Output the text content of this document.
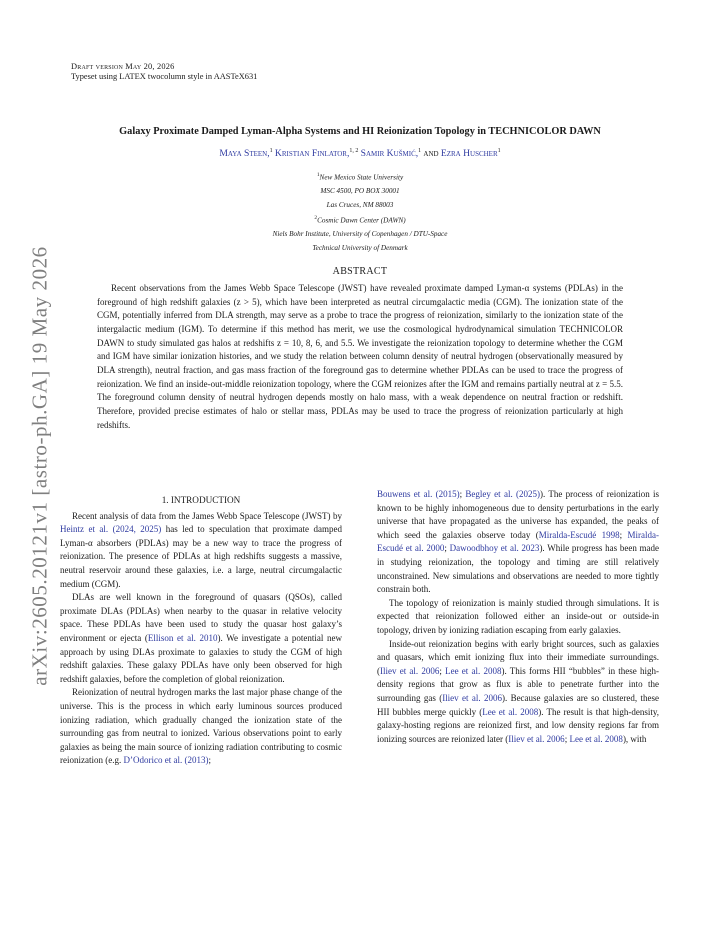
Draft version May 20, 2026
Typeset using LATEX twocolumn style in AASTeX631
arXiv:2605.20121v1 [astro-ph.GA] 19 May 2026
Galaxy Proximate Damped Lyman-Alpha Systems and HI Reionization Topology in TECHNICOLOR DAWN
Maya Steen,$^1$ Kristian Finlator,$^{1, 2}$ Samir Kušmić,$^1$ and Ezra Huscher$^1$
$^1$New Mexico State University
MSC 4500, PO BOX 30001
Las Cruces, NM 88003
$^2$Cosmic Dawn Center (DAWN)
Niels Bohr Institute, University of Copenhagen / DTU-Space
Technical University of Denmark
ABSTRACT
Recent observations from the James Webb Space Telescope (JWST) have revealed proximate damped Lyman-α systems (PDLAs) in the foreground of high redshift galaxies (z > 5), which have been interpreted as neutral circumgalactic media (CGM). The ionization state of the CGM, potentially inferred from DLA strength, may serve as a probe to trace the progress of reionization, similarly to the ionization state of the intergalactic medium (IGM). To determine if this method has merit, we use the cosmological hydrodynamical simulation TECHNICOLOR DAWN to study simulated gas halos at redshifts z = 10, 8, 6, and 5.5. We investigate the reionization topology to determine whether the CGM and IGM have similar ionization histories, and we study the relation between column density of neutral hydrogen (observationally measured by DLA strength), neutral fraction, and gas mass fraction of the foreground gas to determine whether PDLAs can be used to trace the progress of reionization. We find an inside-out-middle reionization topology, where the CGM reionizes after the IGM and remains partially neutral at z = 5.5. The foreground column density of neutral hydrogen depends mostly on halo mass, with a weak dependence on neutral fraction or redshift. Therefore, provided precise estimates of halo or stellar mass, PDLAs may be used to trace the progress of reionization particularly at high redshifts.
1. INTRODUCTION

Recent analysis of data from the James Webb Space Telescope (JWST) by Heintz et al. (2024, 2025) has led to speculation that proximate damped Lyman-α absorbers (PDLAs) may be a new way to trace the progress of reionization. The presence of PDLAs at high redshifts suggests a massive, neutral reservoir around these galaxies, i.e. a large, neutral circumgalactic medium (CGM).

DLAs are well known in the foreground of quasars (QSOs), called proximate DLAs (PDLAs) when nearby to the quasar in relative velocity space. These PDLAs have been used to study the quasar host galaxy’s environment or ejecta (Ellison et al. 2010). We investigate a potential new approach by using DLAs proximate to galaxies to study the CGM of high redshift galaxies. These galaxy PDLAs have only been observed for high redshift galaxies, before the completion of global reionization.

Reionization of neutral hydrogen marks the last major phase change of the universe. This is the process in which early luminous sources produced ionizing radiation, which gradually changed the ionization state of the surrounding gas from neutral to ionized. Various observations point to early galaxies as being the main source of ionizing radiation contributing to cosmic reionization (e.g. D’Odorico et al. (2013);

Bouwens et al. (2015); Begley et al. (2025)). The process of reionization is known to be highly inhomogeneous due to density perturbations in the early universe that have propagated as the universe has expanded, the peaks of which seed the galaxies observe today (Miralda-Escudé 1998; Miralda-Escudé et al. 2000; Dawoodbhoy et al. 2023). While progress has been made in studying reionization, the topology and timing are still relatively unconstrained. New simulations and observations are needed to more tightly constrain both.

The topology of reionization is mainly studied through simulations. It is expected that reionization followed either an inside-out or outside-in topology, driven by ionizing radiation escaping from early galaxies.

Inside-out reionization begins with early bright sources, such as galaxies and quasars, which emit ionizing flux into their immediate surroundings. (Iliev et al. 2006; Lee et al. 2008). This forms HII “bubbles” in these high-density regions that grow as flux is able to penetrate further into the surrounding gas (Iliev et al. 2006). Because galaxies are so clustered, these HII bubbles merge quickly (Lee et al. 2008). The result is that high-density, galaxy-hosting regions are reionized first, and low density regions far from ionizing sources are reionized later (Iliev et al. 2006; Lee et al. 2008), with
